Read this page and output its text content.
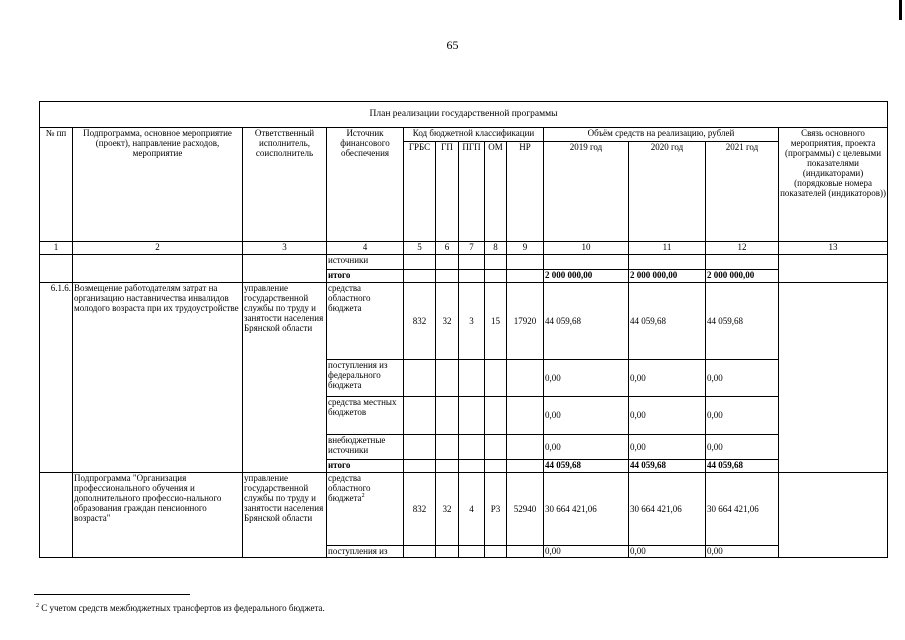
65
План реализации государственной программы												
№ пп	Подпрограмма, основное мероприятие (проект), направление расходов, мероприятие	Ответственный исполнитель, соисполнитель	Источник финансового обеспечения	Код бюджетной классификации					Объём средств на реализацию, рублей			Связь основного мероприятия, проекта (программы) с целевыми показателями (индикаторами) (порядковые номера показателей (индикаторов))
				ГРБС	ГП	ПГП	ОМ	НР	2019 год	2020 год	2021 год	
1	2	3	4	5	6	7	8	9	10	11	12	13
			источники									
			итого						2 000 000,00	2 000 000,00	2 000 000,00	
6.1.6.	Возмещение работодателям затрат на организацию наставничества инвалидов молодого возраста при их трудоустройстве	управление государственной службы по труду и занятости населения Брянской области	средства областного бюджета	832	32	3	15	17920	44 059,68	44 059,68	44 059,68	
			поступления из федерального бюджета						0,00	0,00	0,00	
			средства местных бюджетов						0,00	0,00	0,00	
			внебюджетные источники						0,00	0,00	0,00	
			итого						44 059,68	44 059,68	44 059,68	
	Подпрограмма "Организация профессионального обучения и дополнительного профессио-нального образования граждан пенсионного возраста"	управление государственной службы по труду и занятости населения Брянской области	средства областного бюджета$^2$	832	32	4	P3	52940	30 664 421,06	30 664 421,06	30 664 421,06	
			поступления из						0,00	0,00	0,00	
$^2$ С учетом средств межбюджетных трансфертов из федерального бюджета.
